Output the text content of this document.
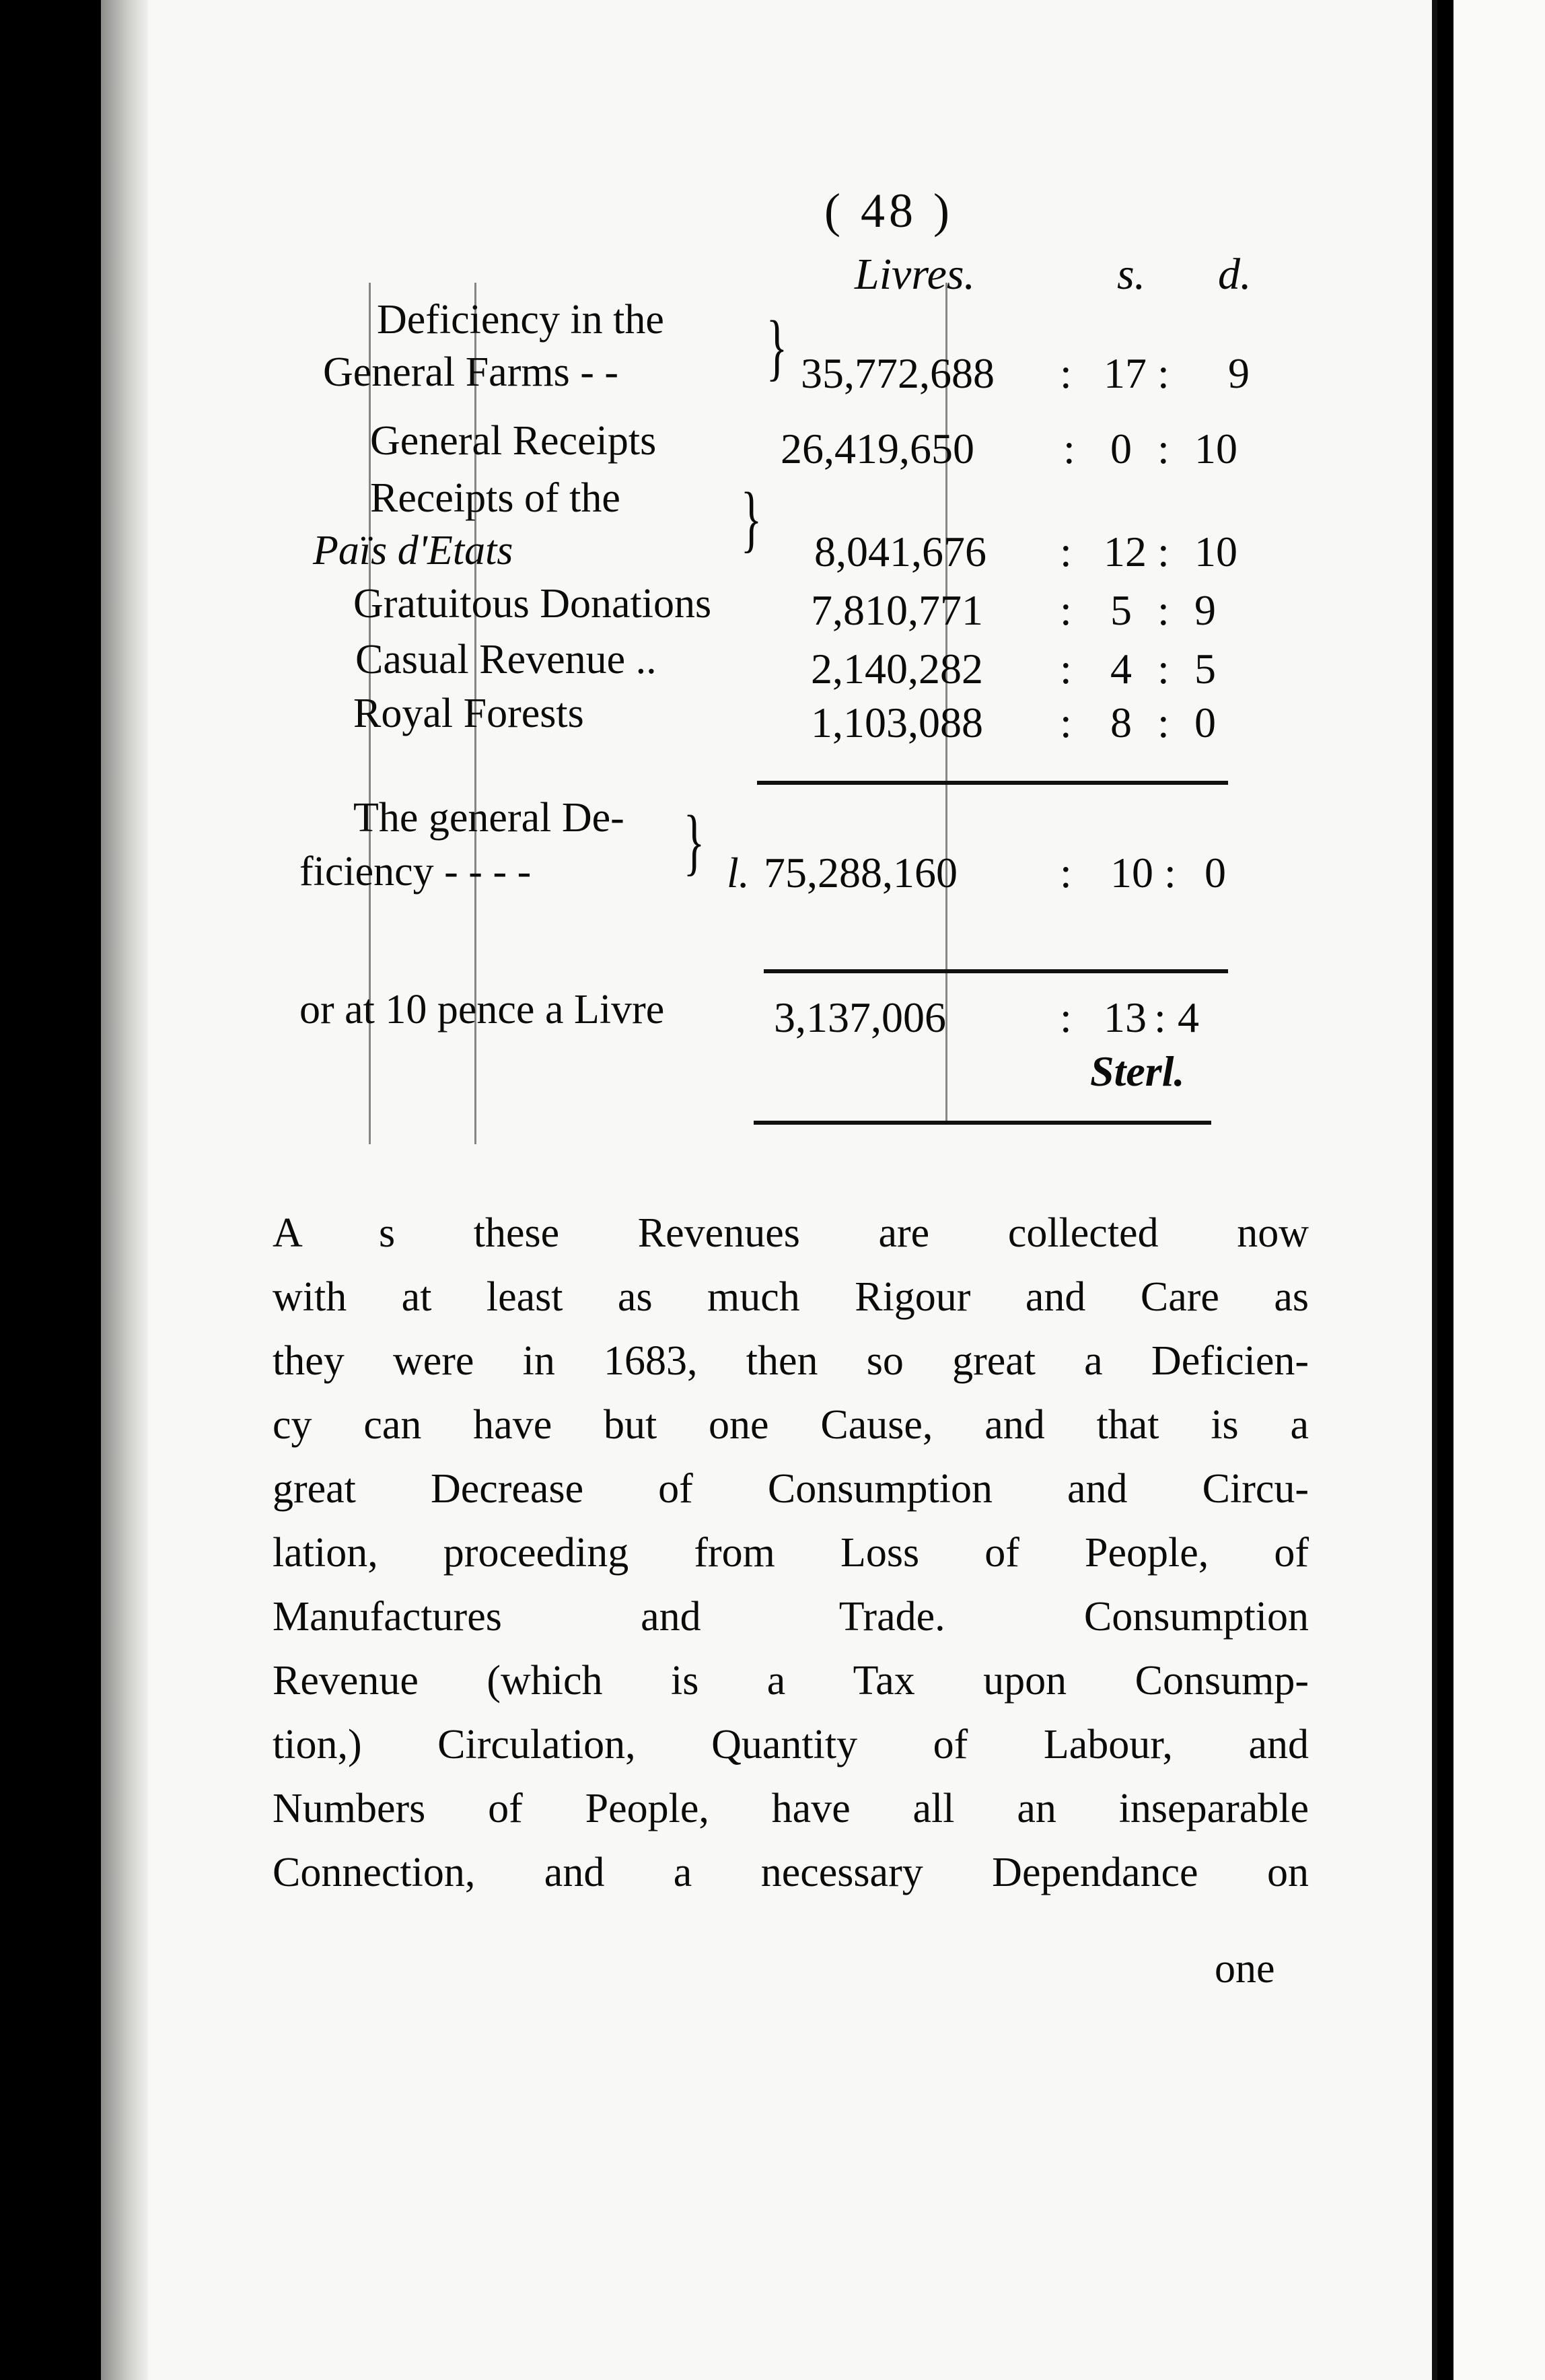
( 48 )
Livres.	s. d.
Deficiency in the
General Farms - - } 35,772,688 : 17 : 9
General Receipts	26,419,650 : 0 : 10
Receipts of the
Païs d'Etats	} 8,041,676 : 12 : 10
Gratuitous Donations 7,810,771 : 5 : 9
Casual Revenue ..	2,140,282 : 4 : 5
Royal Forests	1,103,088 : 8 : 0
The general De-
ficiency - - - - } l. 75,288,160 : 10 : 0
or at 10 pence a Livre	3,137,006	: 13 : 4
Sterl.
A s these Revenues are collected now
with at least as much Rigour and Care as
they were in 1683, then so great a Deficien-
cy can have but one Cause, and that is a
great Decrease of Consumption and Circu-
lation, proceeding from Loss of People, of
Manufactures and Trade. Consumption
Revenue (which is a Tax upon Consump-
tion,) Circulation, Quantity of Labour, and
Numbers of People, have all an inseparable
Connection, and a necessary Dependance on
one
